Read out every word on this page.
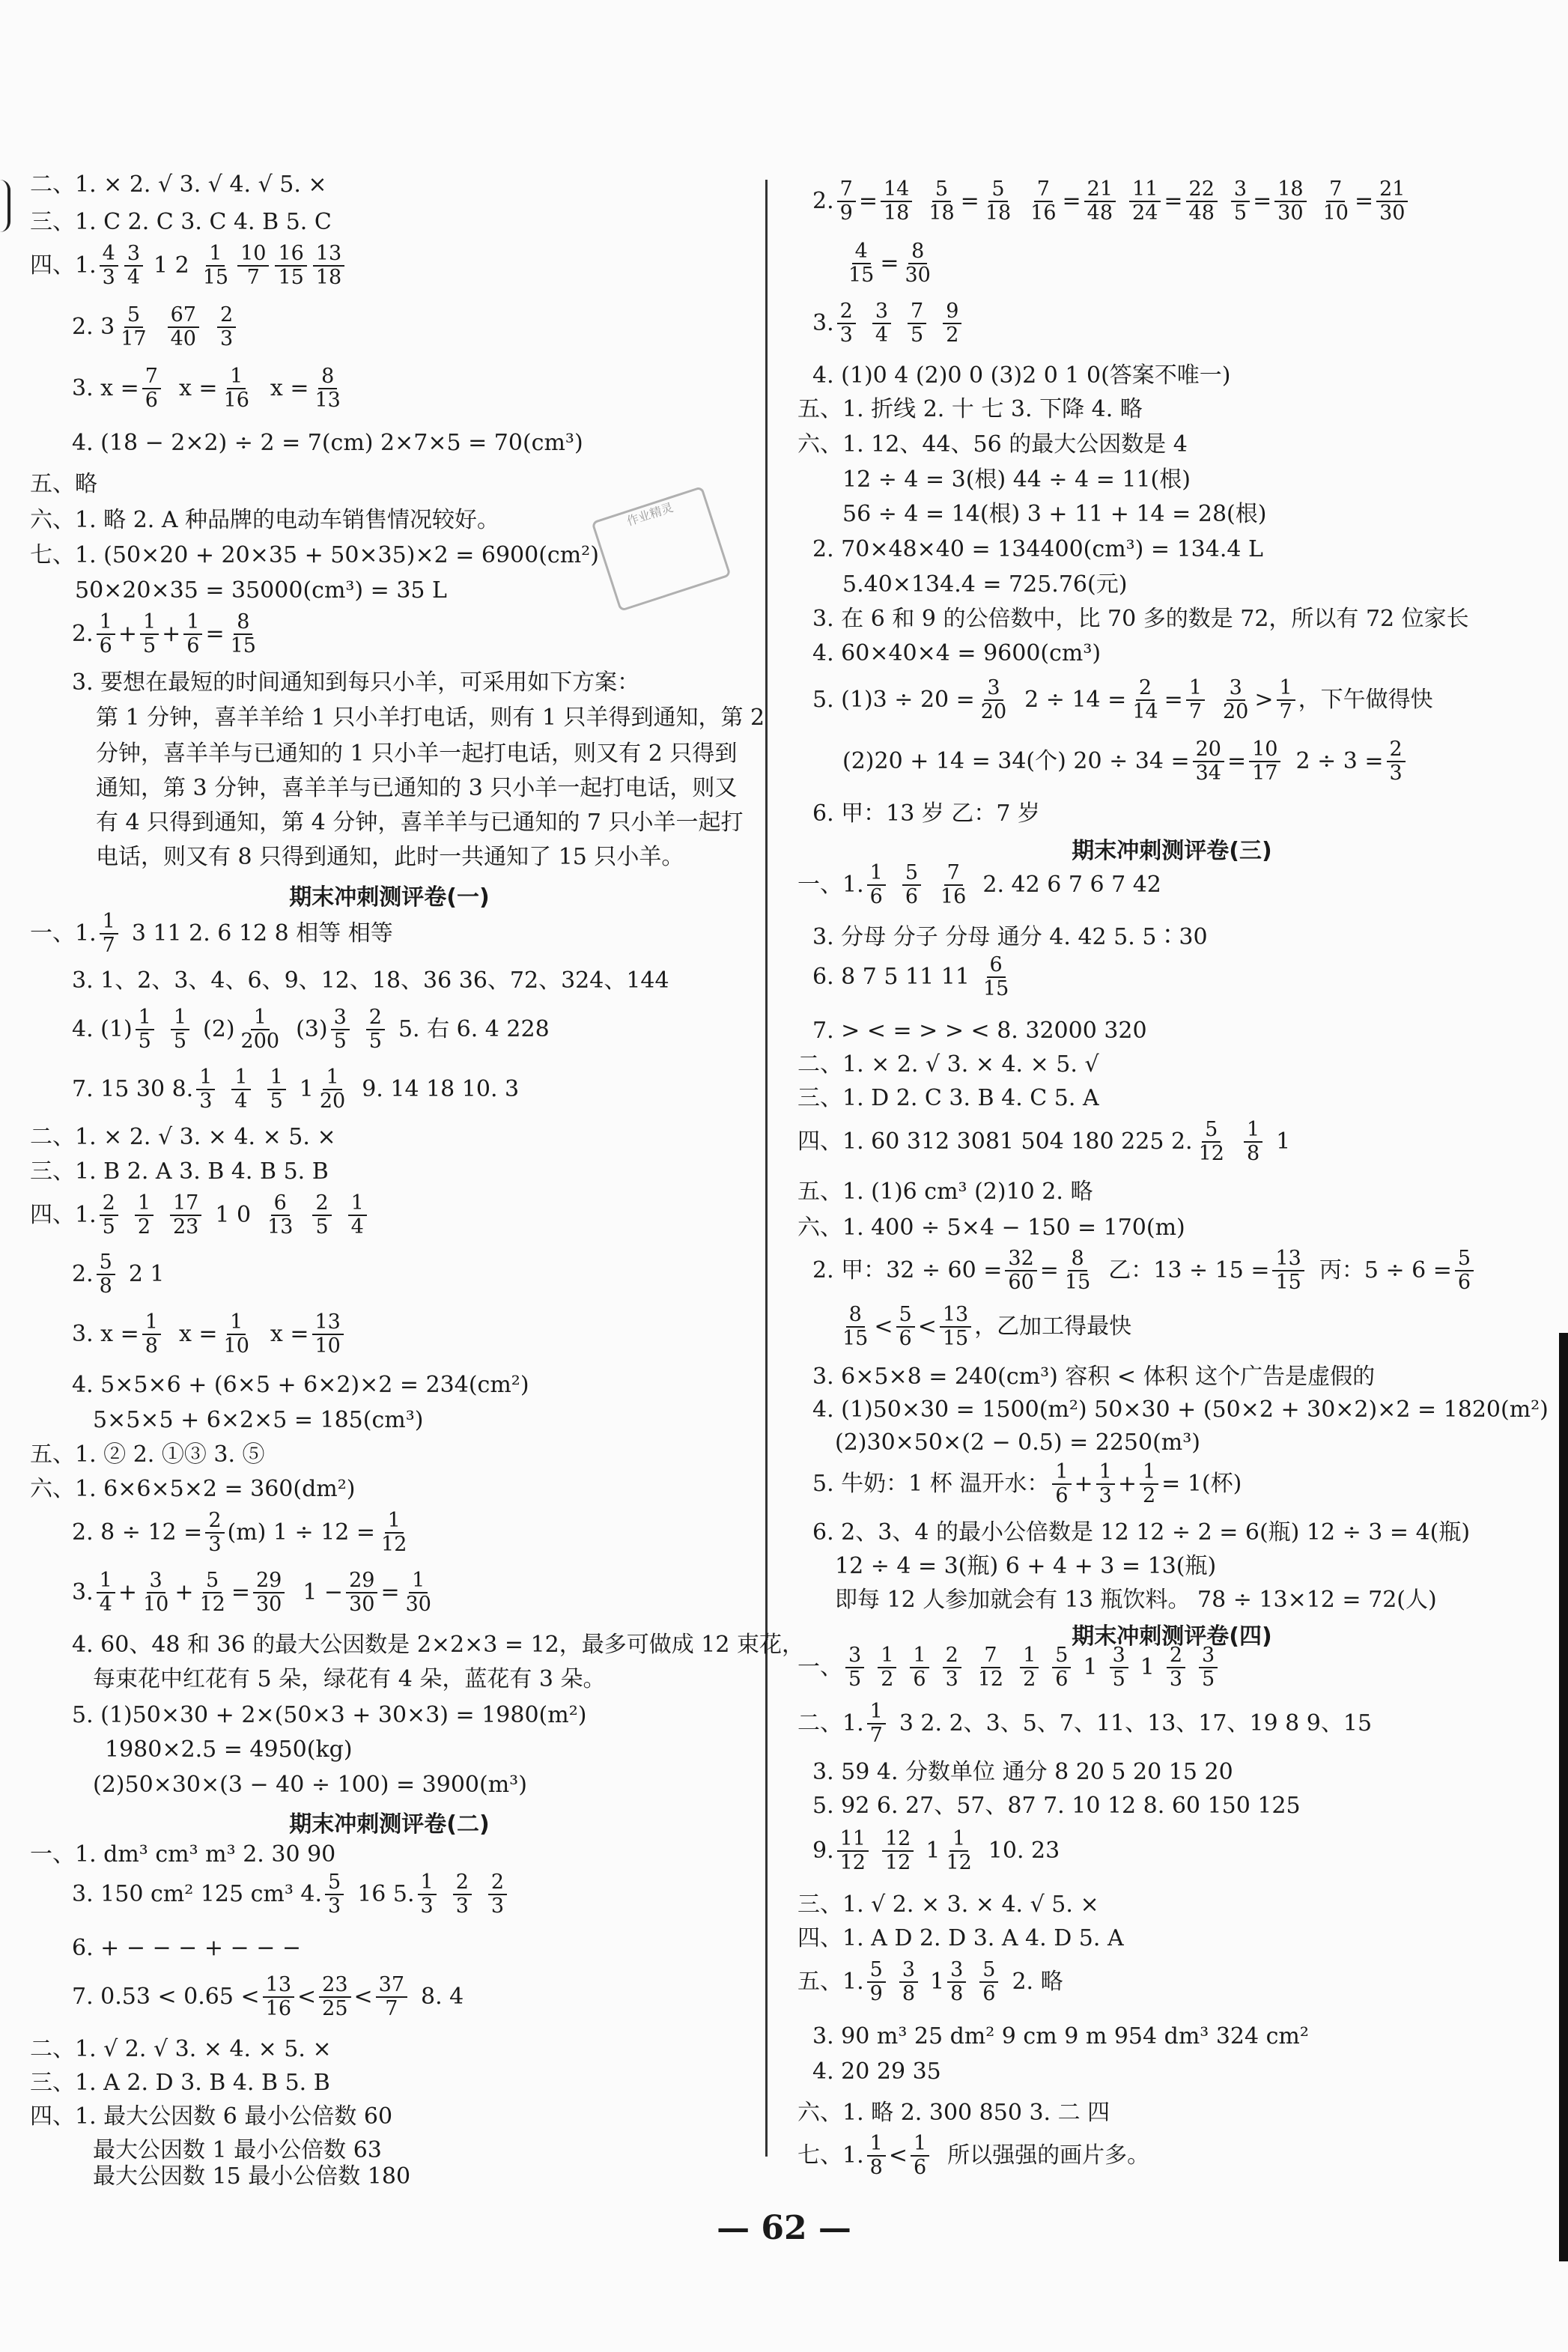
作业精灵
二、1. × 2. √ 3. √ 4. √ 5. ×
三、1. C 2. C 3. C 4. B 5. C
四、1. $\frac{4}{3} \frac{3}{4} 1$ $2 \frac{1}{15} \frac{10}{7} \frac{16}{15} \frac{13}{18}$
2. $3 \frac{5}{17} \frac{67}{40} \frac{2}{3}$
3. $x = \frac{7}{6}$ $x = \frac{1}{16}$ $x = \frac{8}{13}$
4. (18 − 2×2) ÷ 2 = 7(cm) 2×7×5 = 70(cm³)
五、略
六、1. 略 2. A 种品牌的电动车销售情况较好。
七、1. (50×20 + 20×35 + 50×35)×2 = 6900(cm²)
50×20×35 = 35000(cm³) = 35 L
2. $\frac{1}{6} + \frac{1}{5} + \frac{1}{6} = \frac{8}{15}$
3. 要想在最短的时间通知到每只小羊，可采用如下方案：
第 1 分钟，喜羊羊给 1 只小羊打电话，则有 1 只羊得到通知，第 2
分钟，喜羊羊与已通知的 1 只小羊一起打电话，则又有 2 只得到
通知，第 3 分钟，喜羊羊与已通知的 3 只小羊一起打电话，则又
有 4 只得到通知，第 4 分钟，喜羊羊与已通知的 7 只小羊一起打
电话，则又有 8 只得到通知，此时一共通知了 15 只小羊。
期末冲刺测评卷(一)
一、1. $\frac{1}{7} 3$ 11 2. 6 12 8 相等 相等
3. 1、2、3、4、6、9、12、18、36 36、72、324、144
4. $(1) \frac{1}{5} \frac{1}{5} (2) \frac{1}{200} (3) \frac{3}{5} \frac{2}{5} 5$. 右 6. 4 228
7. 15 30 8. $\frac{1}{3} \frac{1}{4} \frac{1}{5} 1 \frac{1}{20} 9$. 14 18 10. 3
二、1. × 2. √ 3. × 4. × 5. ×
三、1. B 2. A 3. B 4. B 5. B
四、1. $\frac{2}{5} \frac{1}{2} \frac{17}{23} 1$ $0 \frac{6}{13} \frac{2}{5} \frac{1}{4}$
2. $\frac{5}{8} 2$ 1
3. $x = \frac{1}{8}$ $x = \frac{1}{10}$ $x = \frac{13}{10}$
4. 5×5×6 + (6×5 + 6×2)×2 = 234(cm²)
5×5×5 + 6×2×5 = 185(cm³)
五、1. ② 2. ①③ 3. ⑤
六、1. 6×6×5×2 = 360(dm²)
2. $8 \div 12 = \frac{2}{3} (m) 1 \div 12 = \frac{1}{12}$
3. $\frac{1}{4} + \frac{3}{10} + \frac{5}{12} = \frac{29}{30} 1 - \frac{29}{30} = \frac{1}{30}$
4. 60、48 和 36 的最大公因数是 2×2×3 = 12，最多可做成 12 束花，
每束花中红花有 5 朵，绿花有 4 朵，蓝花有 3 朵。
5. (1)50×30 + 2×(50×3 + 30×3) = 1980(m²)
1980×2.5 = 4950(kg)
(2)50×30×(3 − 40 ÷ 100) = 3900(m³)
期末冲刺测评卷(二)
一、1. dm³ cm³ m³ 2. 30 90
3. 150 cm² 125 cm³ 4. $\frac{5}{3} 16$ 5. $\frac{1}{3} \frac{2}{3} \frac{2}{3}$
6. + − − − + − − −
7. $0.53 < 0.65 < \frac{13}{16} < \frac{23}{25} < \frac{37}{7} 8$. 4
二、1. √ 2. √ 3. × 4. × 5. ×
三、1. A 2. D 3. B 4. B 5. B
四、1. 最大公因数 6 最小公倍数 60
最大公因数 1 最小公倍数 63
最大公因数 15 最小公倍数 180
2. $\frac{7}{9} = \frac{14}{18} \frac{5}{18} = \frac{5}{18} \frac{7}{16} = \frac{21}{48} \frac{11}{24} = \frac{22}{48} \frac{3}{5} = \frac{18}{30} \frac{7}{10} = \frac{21}{30}$
$\frac{4}{15} = \frac{8}{30}$
3. $\frac{2}{3} \frac{3}{4} \frac{7}{5} \frac{9}{2}$
4. (1)0 4 (2)0 0 (3)2 0 1 0(答案不唯一)
五、1. 折线 2. 十 七 3. 下降 4. 略
六、1. 12、44、56 的最大公因数是 4
12 ÷ 4 = 3(根) 44 ÷ 4 = 11(根)
56 ÷ 4 = 14(根) 3 + 11 + 14 = 28(根)
2. 70×48×40 = 134400(cm³) = 134.4 L
5.40×134.4 = 725.76(元)
3. 在 6 和 9 的公倍数中，比 70 多的数是 72，所以有 72 位家长
4. 60×40×4 = 9600(cm³)
5. $(1)3 \div 20 = \frac{3}{20} 2 \div 14 = \frac{2}{14} = \frac{1}{7} \frac{3}{20} > \frac{1}{7}$ ，下午做得快
(2)20 + 14 = 34(个) $20 \div 34 = \frac{20}{34} = \frac{10}{17} 2 \div 3 = \frac{2}{3}$
6. 甲：13 岁 乙：7 岁
期末冲刺测评卷(三)
一、1. $\frac{1}{6} \frac{5}{6} \frac{7}{16} 2$. 42 6 7 6 7 42
3. 分母 分子 分母 通分 4. 42 5. 5∶30
6. 8 7 5 11 $11 \frac{6}{15}$
7. > < = > > < 8. 32000 320
二、1. × 2. √ 3. × 4. × 5. √
三、1. D 2. C 3. B 4. C 5. A
四、1. 60 312 3081 504 180 225 2. $\frac{5}{12} \frac{1}{8} 1$
五、1. (1)6 cm³ (2)10 2. 略
六、1. 400 ÷ 5×4 − 150 = 170(m)
2. 甲：$32 \div 60 = \frac{32}{60} = \frac{8}{15}$ 乙：$13 \div 15 = \frac{13}{15}$ 丙：$5 \div 6 = \frac{5}{6}$
$\frac{8}{15} < \frac{5}{6} < \frac{13}{15}$ ，乙加工得最快
3. 6×5×8 = 240(cm³) 容积 < 体积 这个广告是虚假的
4. (1)50×30 = 1500(m²) 50×30 + (50×2 + 30×2)×2 = 1820(m²)
(2)30×50×(2 − 0.5) = 2250(m³)
5. 牛奶：1 杯 温开水： $\frac{1}{6} + \frac{1}{3} + \frac{1}{2} = 1$(杯)
6. 2、3、4 的最小公倍数是 12 12 ÷ 2 = 6(瓶) 12 ÷ 3 = 4(瓶)
12 ÷ 4 = 3(瓶) 6 + 4 + 3 = 13(瓶)
即每 12 人参加就会有 13 瓶饮料。 78 ÷ 13×12 = 72(人)
期末冲刺测评卷(四)
一、 $\frac{3}{5} \frac{1}{2} \frac{1}{6} \frac{2}{3} \frac{7}{12} \frac{1}{2} \frac{5}{6} 1 \frac{3}{5} 1 \frac{2}{3} \frac{3}{5}$
二、1. $\frac{1}{7} 3$ 2. 2、3、5、7、11、13、17、19 8 9、15
3. 59 4. 分数单位 通分 8 20 5 20 15 20
5. 92 6. 27、57、87 7. 10 12 8. 60 150 125
9. $\frac{11}{12} \frac{12}{12} 1 \frac{1}{12} 10$. 23
三、1. √ 2. × 3. × 4. √ 5. ×
四、1. A D 2. D 3. A 4. D 5. A
五、1. $\frac{5}{9} \frac{3}{8} 1 \frac{3}{8} \frac{5}{6} 2$. 略
3. 90 m³ 25 dm² 9 cm 9 m 954 dm³ 324 cm²
4. 20 29 35
六、1. 略 2. 300 850 3. 二 四
七、1. $\frac{1}{8} < \frac{1}{6}$ 所以强强的画片多。
— 62 —
